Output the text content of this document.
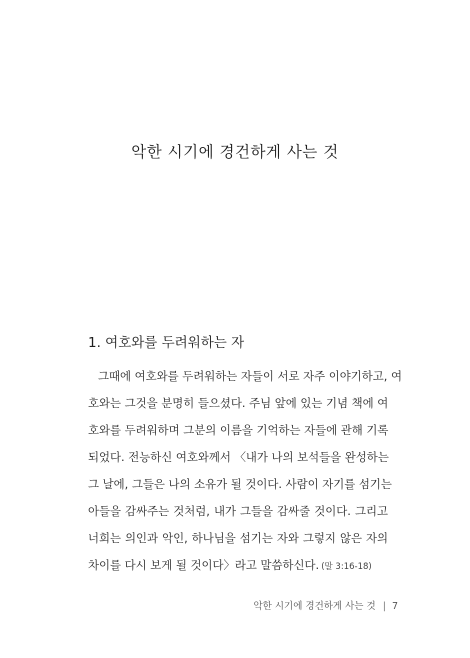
악한 시기에 경건하게 사는 것
1. 여호와를 두려워하는 자
그때에 여호와를 두려워하는 자들이 서로 자주 이야기하고, 여
호와는 그것을 분명히 들으셨다. 주님 앞에 있는 기념 책에 여
호와를 두려워하며 그분의 이름을 기억하는 자들에 관해 기록
되었다. 전능하신 여호와께서 〈내가 나의 보석들을 완성하는
그 날에, 그들은 나의 소유가 될 것이다. 사람이 자기를 섬기는
아들을 감싸주는 것처럼, 내가 그들을 감싸줄 것이다. 그리고
너희는 의인과 악인, 하나님을 섬기는 자와 그렇지 않은 자의
차이를 다시 보게 될 것이다〉라고 말씀하신다. (말 3:16-18)
악한 시기에 경건하게 사는 것 | 7
